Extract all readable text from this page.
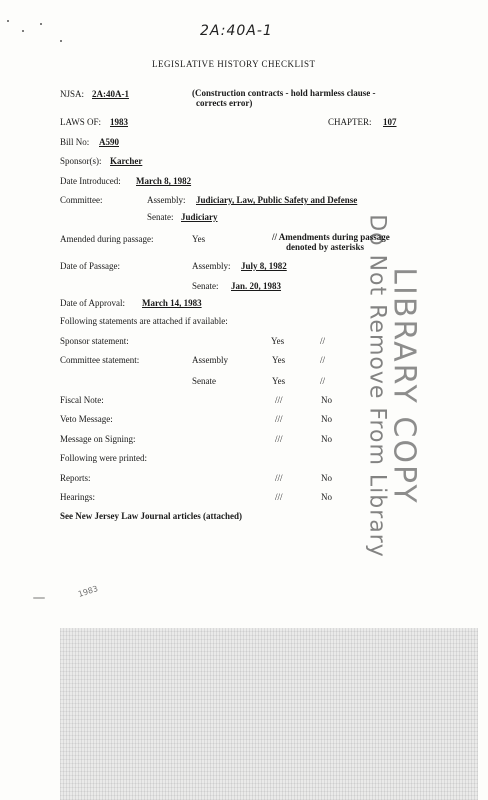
2A:40A-1
LEGISLATIVE HISTORY CHECKLIST
NJSA: 2A:40A-1	(Construction contracts - hold harmless clause -
corrects error)
LAWS OF: 1983	CHAPTER: 107
Bill No: A590
Sponsor(s): Karcher
Date Introduced: March 8, 1982
Committee:	Assembly: Judiciary, Law, Public Safety and Defense
Senate: Judiciary
Amended during passage:	Yes	// Amendments during passage
denoted by asterisks
Date of Passage:	Assembly: July 8, 1982
Senate: Jan. 20, 1983
Date of Approval: March 14, 1983
Following statements are attached if available:
Sponsor statement:	Yes	//
Committee statement:	Assembly	Yes	//
Senate	Yes	//
Fiscal Note:	///	No
Veto Message:	///	No
Message on Signing:	///	No
Following were printed:
Reports:	///	No
Hearings:	///	No
See New Jersey Law Journal articles (attached)
LIBRARY COPY
Do Not Remove From Library
1983
